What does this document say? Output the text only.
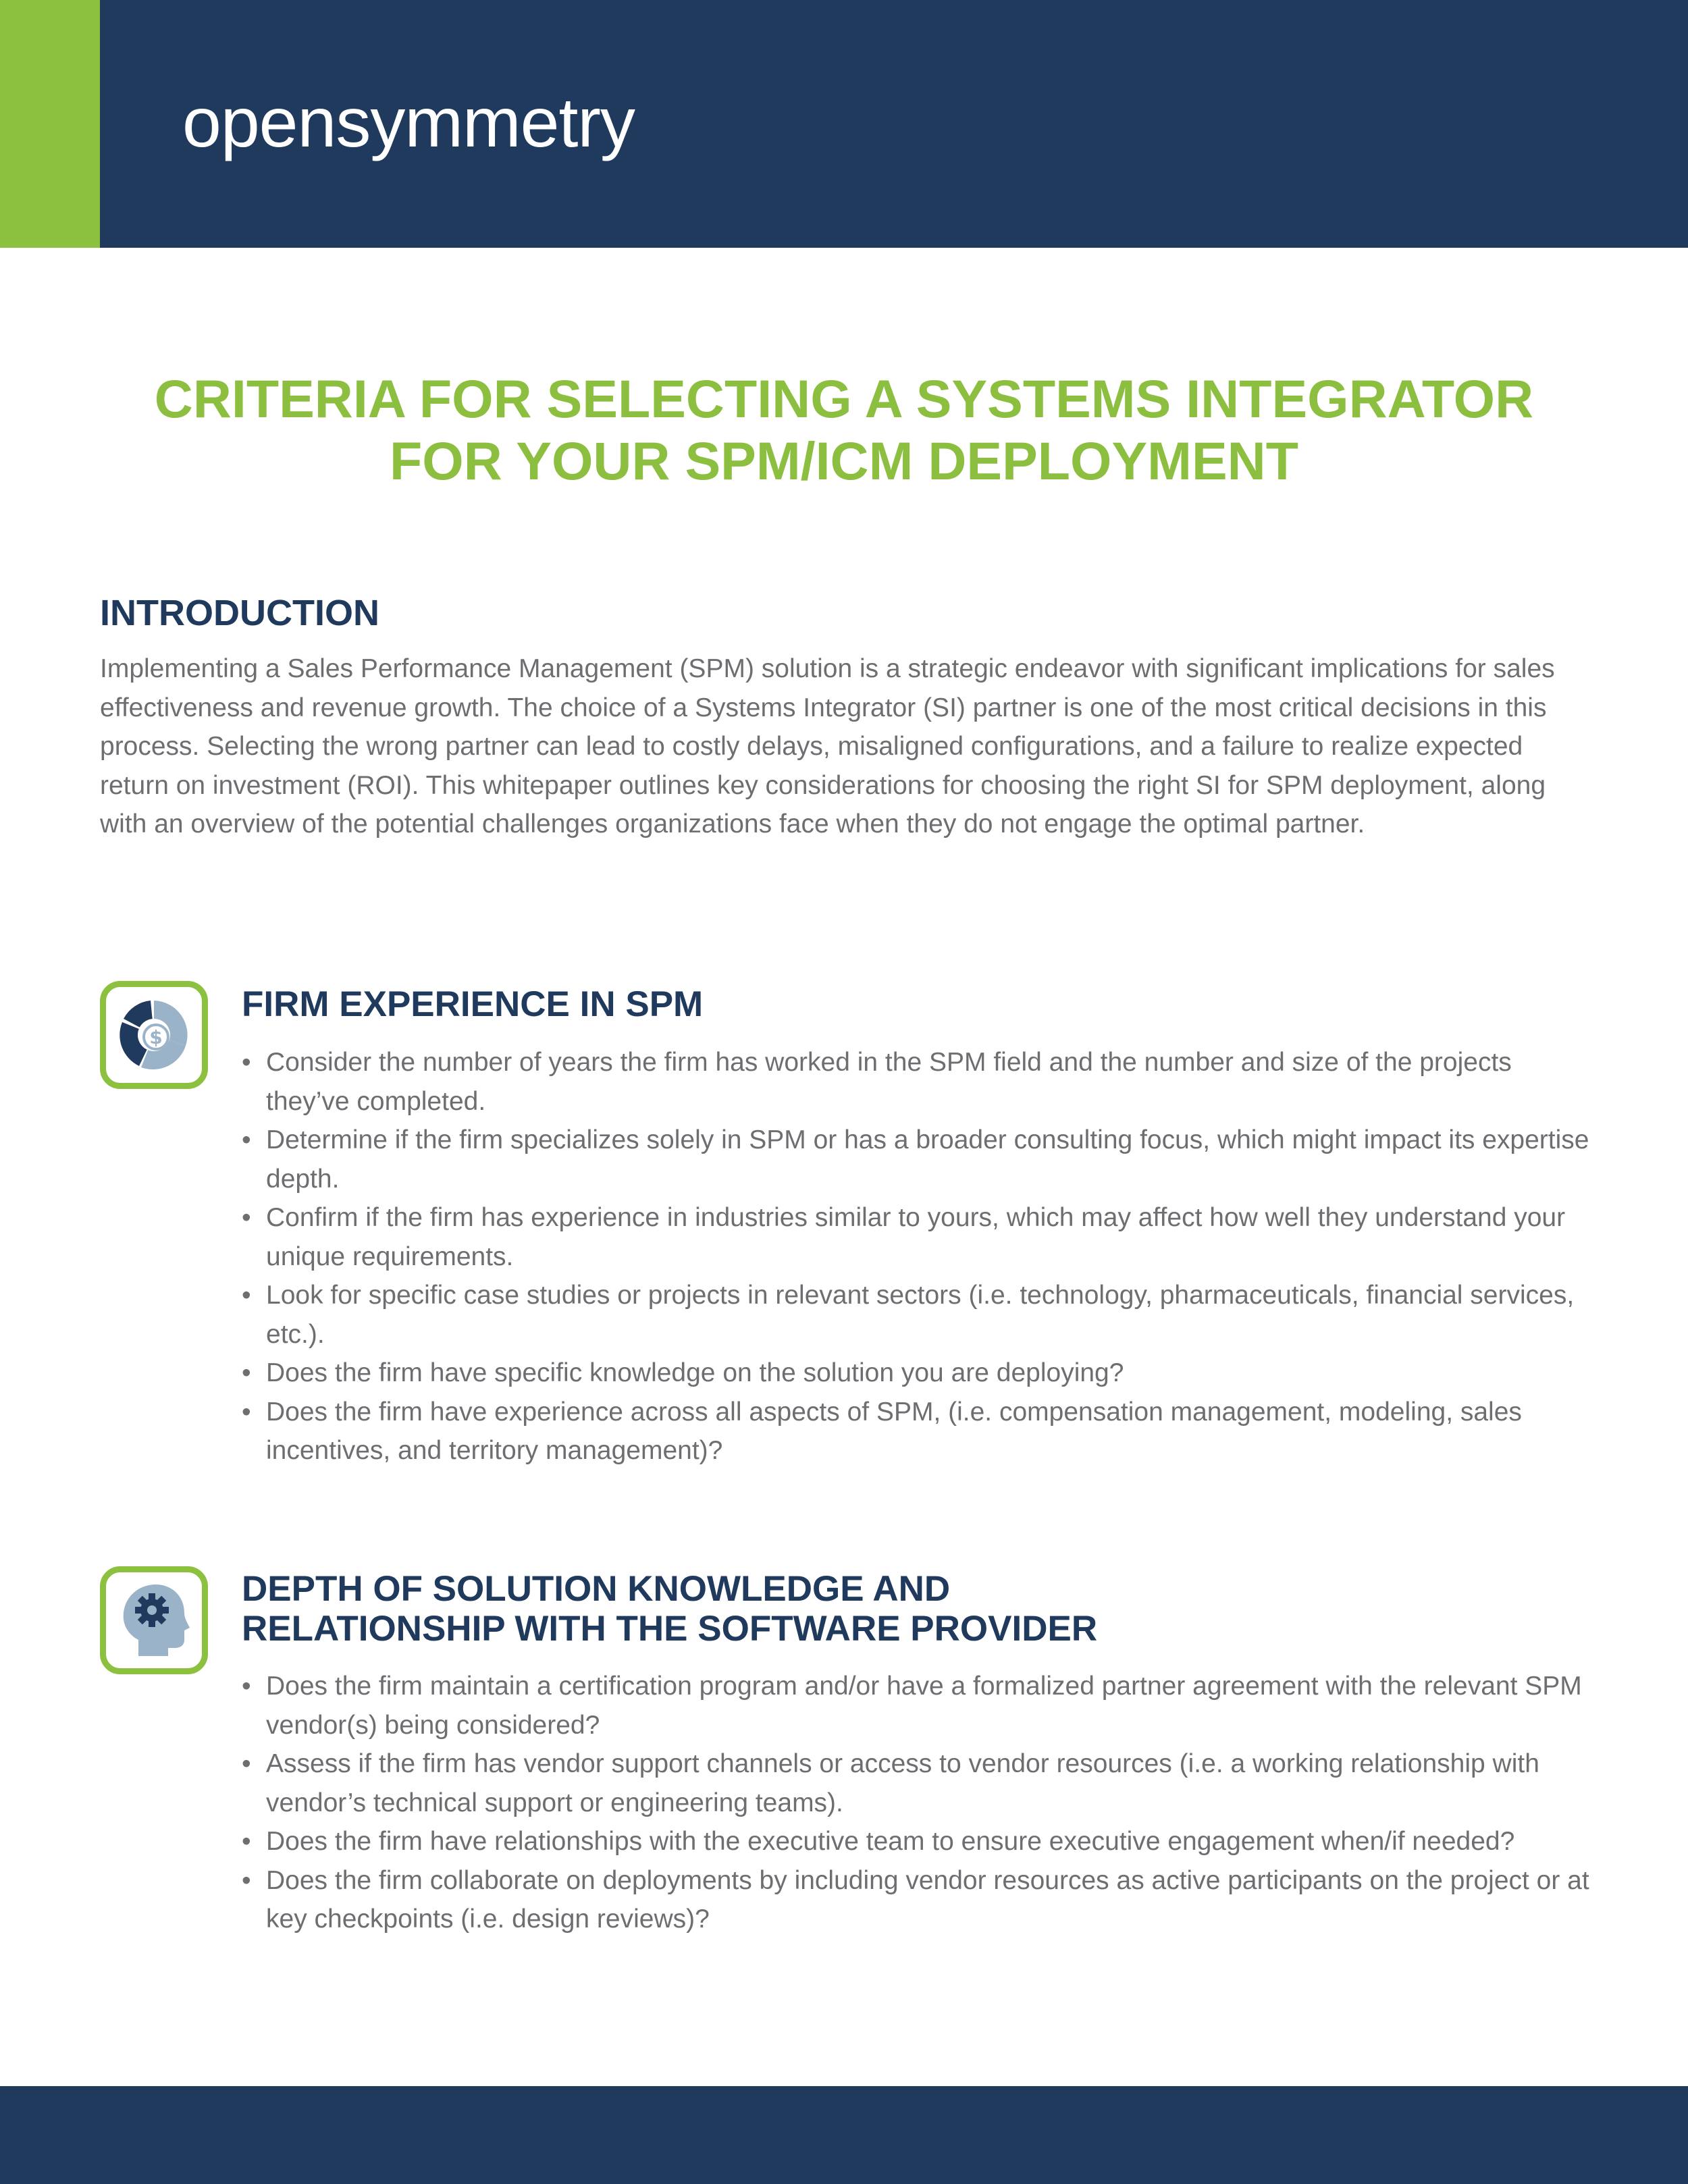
opensymmetry
CRITERIA FOR SELECTING A SYSTEMS INTEGRATOR
FOR YOUR SPM/ICM DEPLOYMENT
INTRODUCTION

Implementing a Sales Performance Management (SPM) solution is a strategic endeavor with significant implications for sales effectiveness and revenue growth. The choice of a Systems Integrator (SI) partner is one of the most critical decisions in this process. Selecting the wrong partner can lead to costly delays, misaligned configurations, and a failure to realize expected return on investment (ROI). This whitepaper outlines key considerations for choosing the right SI for SPM deployment, along with an overview of the potential challenges organizations face when they do not engage the optimal partner.

$
FIRM EXPERIENCE IN SPM
• Consider the number of years the firm has worked in the SPM field and the number and size of the projects they’ve completed.
• Determine if the firm specializes solely in SPM or has a broader consulting focus, which might impact its expertise depth.
• Confirm if the firm has experience in industries similar to yours, which may affect how well they understand your unique requirements.
• Look for specific case studies or projects in relevant sectors (i.e. technology, pharmaceuticals, financial services, etc.).
• Does the firm have specific knowledge on the solution you are deploying?
• Does the firm have experience across all aspects of SPM, (i.e. compensation management, modeling, sales incentives, and territory management)?
DEPTH OF SOLUTION KNOWLEDGE AND
RELATIONSHIP WITH THE SOFTWARE PROVIDER
• Does the firm maintain a certification program and/or have a formalized partner agreement with the relevant SPM vendor(s) being considered?
• Assess if the firm has vendor support channels or access to vendor resources (i.e. a working relationship with vendor’s technical support or engineering teams).
• Does the firm have relationships with the executive team to ensure executive engagement when/if needed?
• Does the firm collaborate on deployments by including vendor resources as active participants on the project or at key checkpoints (i.e. design reviews)?
